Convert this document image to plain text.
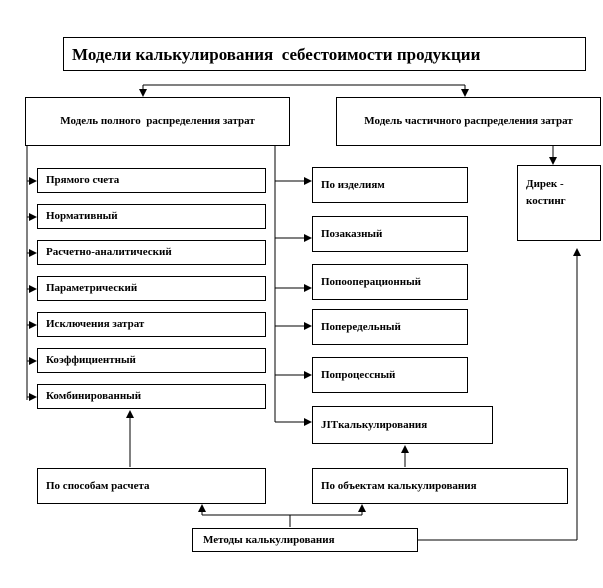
Модели калькулирования  себестоимости продукции
Модель полного  распределения затрат	Модель частичного распределения затрат
Дирек - костинг
Прямого счета
Нормативный
Расчетно-аналитический
Параметрический
Исключения затрат
Коэффициентный
Комбинированный
По изделиям
Позаказный
Попооперационный
Попередельный
Попроцессный
JITкалькулирования
По способам расчета	По объектам калькулирования
Методы калькулирования
